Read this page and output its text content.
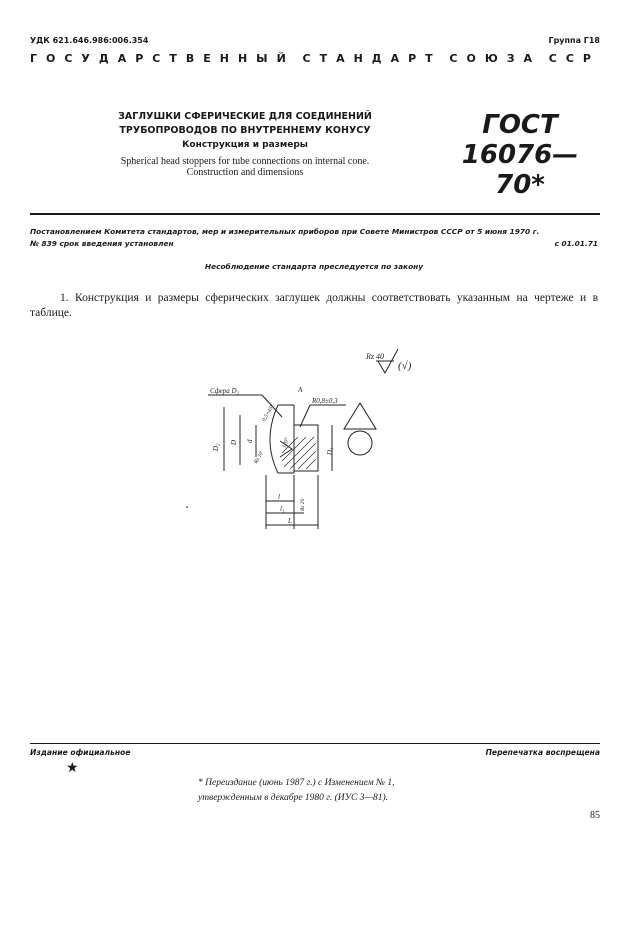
УДК 621.646.986:006.354	Группа Г18
ГОСУДАРСТВЕННЫЙ СТАНДАРТ СОЮЗА ССР
ЗАГЛУШКИ СФЕРИЧЕСКИЕ ДЛЯ СОЕДИНЕНИЙ
ТРУБОПРОВОДОВ ПО ВНУТРЕННЕМУ КОНУСУ
Конструкция и размеры
Spherical head stoppers for tube connections on internal cone.
Construction and dimensions
ГОСТ
16076—70*
Постановлением Комитета стандартов, мер и измерительных приборов при Совете Министров СССР от 5 июня 1970 г.
№ 839 срок введения установлен	с 01.01.71
Несоблюдение стандарта преследуется по закону
1. Конструкция и размеры сферических заглушек должны соответствовать указанным на чертеже и в таблице.
Rz 40
(√)
Сфера D₃	A
R0,8±0,3
D₂
D d
D₁
0,5×45°
120°
Rz 10
Rz 20
l
l₁
L
Издание официальное
★
Перепечатка воспрещена
* Переиздание (июнь 1987 г.) с Изменением № 1,
утвержденным в декабре 1980 г. (ИУС 3—81).
85
